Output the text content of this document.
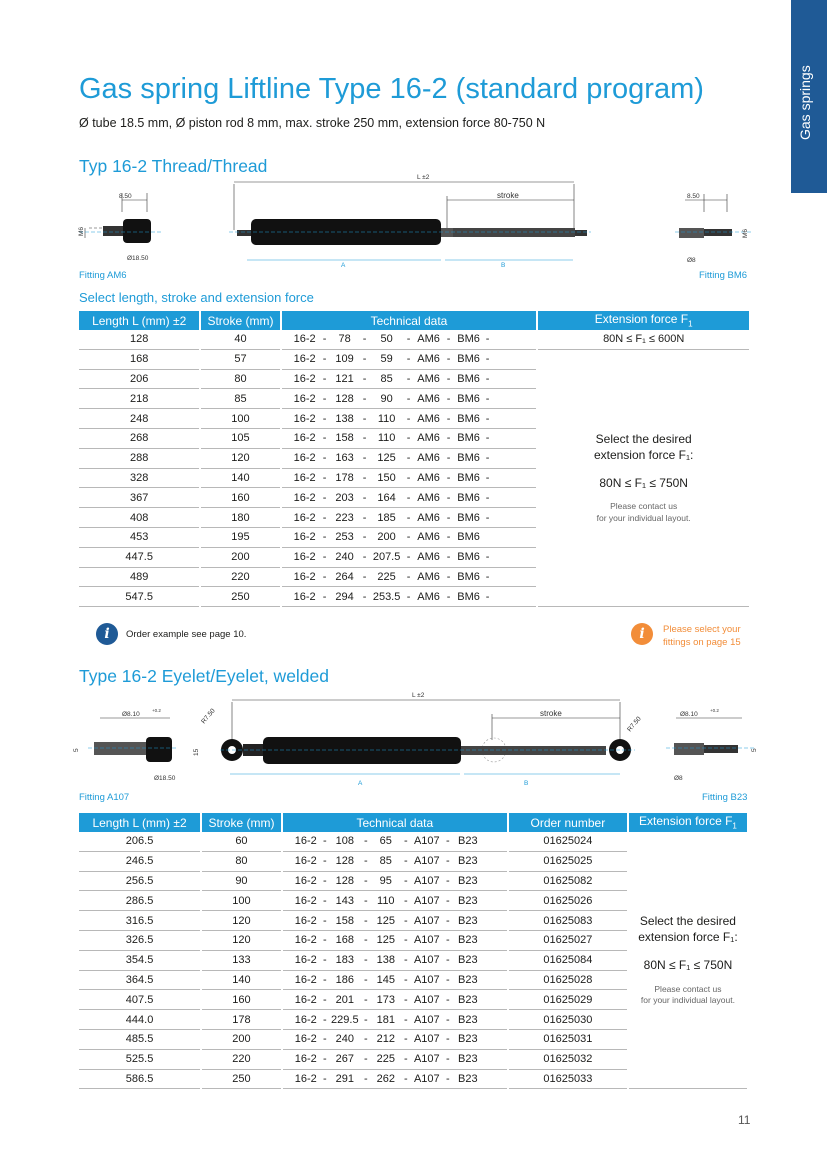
Gas springs
Gas spring Liftline Type 16-2 (standard program)
Ø tube 18.5 mm, Ø piston rod 8 mm, max. stroke 250 mm, extension force 80-750 N
Typ 16-2 Thread/Thread
8.50
M6
Ø18.50
L ±2
stroke
A	B
8.50
M6
Ø8
Fitting AM6	Fitting BM6
Select length, stroke and extension force
Length L (mm) ±2	Stroke (mm)	Technical data	Extension force $F_1$
128	40	16-2 - 78 - 50 - AM6 - BM6 -	80N ≤ F₁ ≤ 600N
168	57	16-2 - 109 - 59 - AM6 - BM6 -	Select the desired
extension force F₁:
80N ≤ F₁ ≤ 750N
Please contact us
for your individual layout.

206	80	16-2 - 121 - 85 - AM6 - BM6 -	
218	85	16-2 - 128 - 90 - AM6 - BM6 -	
248	100	16-2 - 138 - 110 - AM6 - BM6 -	
268	105	16-2 - 158 - 110 - AM6 - BM6 -	
288	120	16-2 - 163 - 125 - AM6 - BM6 -	
328	140	16-2 - 178 - 150 - AM6 - BM6 -	
367	160	16-2 - 203 - 164 - AM6 - BM6 -	
408	180	16-2 - 223 - 185 - AM6 - BM6 -	
453	195	16-2 - 253 - 200 - AM6 - BM6	
447.5	200	16-2 - 240 - 207.5 - AM6 - BM6 -	
489	220	16-2 - 264 - 225 - AM6 - BM6 -	
547.5	250	16-2 - 294 - 253.5 - AM6 - BM6 -	
i	Order example see page 10.	i	Please select your
fittings on page 15
Type 16-2 Eyelet/Eyelet, welded
Ø8.10
+0.2
5
Ø18.50
L ±2
stroke
R7.50
15
R7.50
A	B
Ø8.10
+0.2
5
Ø8
Fitting A107	Fitting B23
Length L (mm) ±2	Stroke (mm)	Technical data	Order number	Extension force $F_1$
206.5	60	16-2 - 108 - 65 - A107 - B23	01625024	Select the desired
extension force F₁:
80N ≤ F₁ ≤ 750N
Please contact us
for your individual layout.

246.5	80	16-2 - 128 - 85 - A107 - B23	01625025	
256.5	90	16-2 - 128 - 95 - A107 - B23	01625082	
286.5	100	16-2 - 143 - 110 - A107 - B23	01625026	
316.5	120	16-2 - 158 - 125 - A107 - B23	01625083	
326.5	120	16-2 - 168 - 125 - A107 - B23	01625027	
354.5	133	16-2 - 183 - 138 - A107 - B23	01625084	
364.5	140	16-2 - 186 - 145 - A107 - B23	01625028	
407.5	160	16-2 - 201 - 173 - A107 - B23	01625029	
444.0	178	16-2 - 229.5 - 181 - A107 - B23	01625030	
485.5	200	16-2 - 240 - 212 - A107 - B23	01625031	
525.5	220	16-2 - 267 - 225 - A107 - B23	01625032	
586.5	250	16-2 - 291 - 262 - A107 - B23	01625033	
11
